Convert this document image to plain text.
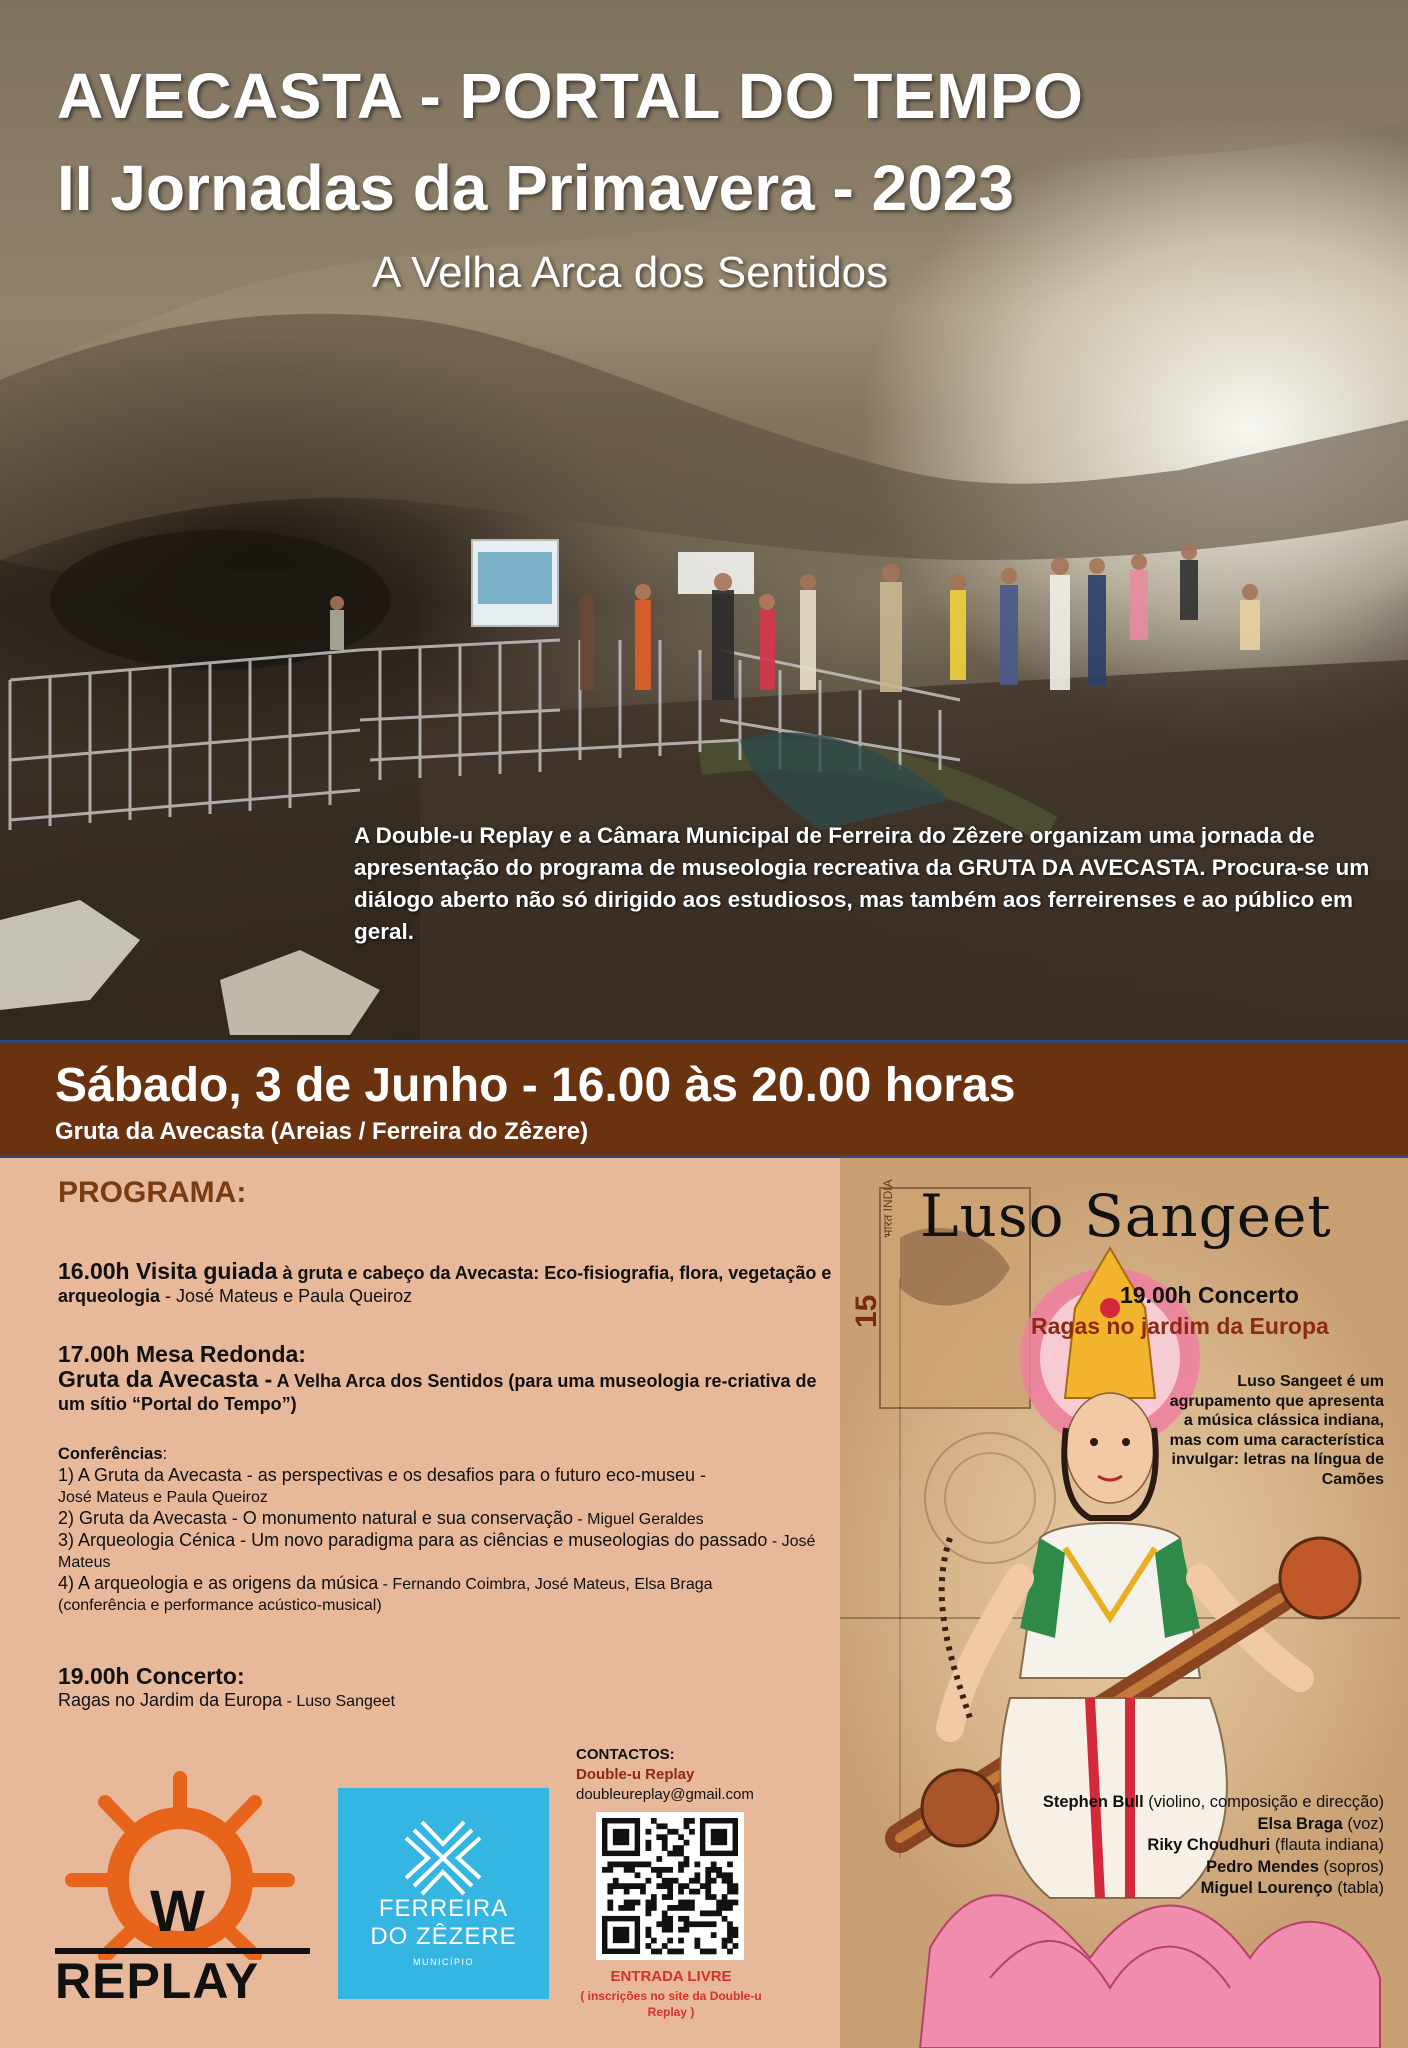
AVECASTA - PORTAL DO TEMPO
II Jornadas da Primavera - 2023
A Velha Arca dos Sentidos
A Double-u Replay e a Câmara Municipal de Ferreira do Zêzere organizam uma jornada de apresentação do programa de museologia recreativa da GRUTA DA AVECASTA. Procura-se um diálogo aberto não só dirigido aos estudiosos, mas também aos ferreirenses e ao público em geral.
Sábado, 3 de Junho - 16.00 às 20.00 horas
Gruta da Avecasta (Areias / Ferreira do Zêzere)
PROGRAMA:
16.00h Visita guiada à gruta e cabeço da Avecasta: Eco-fisiografia, flora, vegetação e arqueologia - José Mateus e Paula Queiroz
17.00h Mesa Redonda:
Gruta da Avecasta - A Velha Arca dos Sentidos (para uma museologia re-criativa de um sítio “Portal do Tempo”)
Conferências:
1) A Gruta da Avecasta - as perspectivas e os desafios para o futuro eco-museu -
José Mateus e Paula Queiroz
2) Gruta da Avecasta - O monumento natural e sua conservação - Miguel Geraldes
3) Arqueologia Cénica - Um novo paradigma para as ciências e museologias do passado - José Mateus
4) A arqueologia e as origens da música - Fernando Coimbra, José Mateus, Elsa Braga
(conferência e performance acústico-musical)
19.00h Concerto:
Ragas no Jardim da Europa - Luso Sangeet
15
भारत INDIA Luso Sangeet
19.00h Concerto
Ragas no jardim da Europa
Luso Sangeet é um agrupamento que apresenta a música clássica indiana, mas com uma característica invulgar: letras na língua de Camões
Stephen Bull (violino, composição e direcção)
Elsa Braga (voz)
Riky Choudhuri (flauta indiana)
Pedro Mendes (sopros)
Miguel Lourenço (tabla)
W
REPLAY
FERREIRA
DO ZÊZERE
MUNICÍPIO
CONTACTOS:
Double-u Replay
doubleureplay@gmail.com
ENTRADA LIVRE
( inscrições no site da Double-u Replay )
